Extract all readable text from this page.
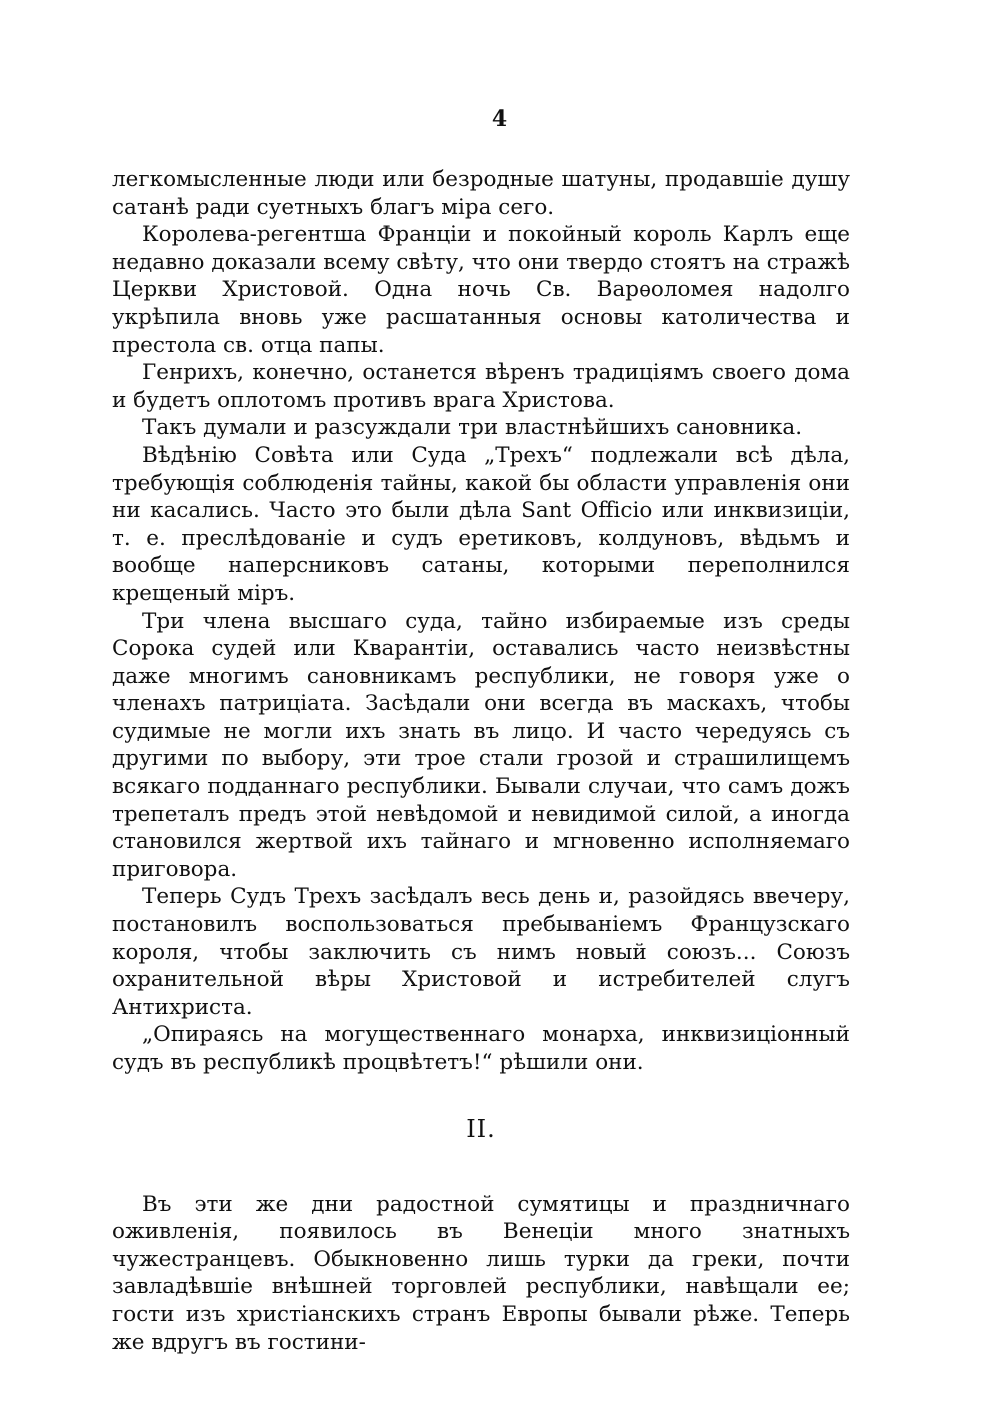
4

легкомысленные люди или безродные шатуны, продавшіе душу сатанѣ ради суетныхъ благъ міра сего.

Королева-регентша Франціи и покойный король Карлъ еще недавно доказали всему свѣту, что они твердо стоятъ на стражѣ Церкви Христовой. Одна ночь Св. Варѳоломея надолго укрѣпила вновь уже расшатанныя основы католичества и престола св. отца папы.

Генрихъ, конечно, останется вѣренъ традиціямъ своего дома и будетъ оплотомъ противъ врага Христова.

Такъ думали и разсуждали три властнѣйшихъ сановника.

Вѣдѣнію Совѣта или Суда „Трехъ“ подлежали всѣ дѣла, требующія соблюденія тайны, какой бы области управленія они ни касались. Часто это были дѣла Sant Officio или инквизиціи, т. е. преслѣдованіе и судъ еретиковъ, колдуновъ, вѣдьмъ и вообще наперсниковъ сатаны, которыми переполнился крещеный міръ.

Три члена высшаго суда, тайно избираемые изъ среды Сорока судей или Кварантіи, оставались часто неизвѣстны даже многимъ сановникамъ республики, не говоря уже о членахъ патриціата. Засѣдали они всегда въ маскахъ, чтобы судимые не могли ихъ знать въ лицо. И часто чередуясь съ другими по выбору, эти трое стали грозой и страшилищемъ всякаго подданнаго республики. Бывали случаи, что самъ дожъ трепеталъ предъ этой невѣдомой и невидимой силой, а иногда становился жертвой ихъ тайнаго и мгновенно исполняемаго приговора.

Теперь Судъ Трехъ засѣдалъ весь день и, разойдясь ввечеру, постановилъ воспользоваться пребываніемъ Французскаго короля, чтобы заключить съ нимъ новый союзъ... Союзъ охранительной вѣры Христовой и истребителей слугъ Антихриста.

„Опираясь на могущественнаго монарха, инквизиціонный судъ въ республикѣ процвѣтетъ!“ рѣшили они.

II.

Въ эти же дни радостной сумятицы и праздничнаго оживленія, появилось въ Венеціи много знатныхъ чужестранцевъ. Обыкновенно лишь турки да греки, почти завладѣвшіе внѣшней торговлей республики, навѣщали ее; гости изъ христіанскихъ странъ Европы бывали рѣже. Теперь же вдругъ въ гостини-
